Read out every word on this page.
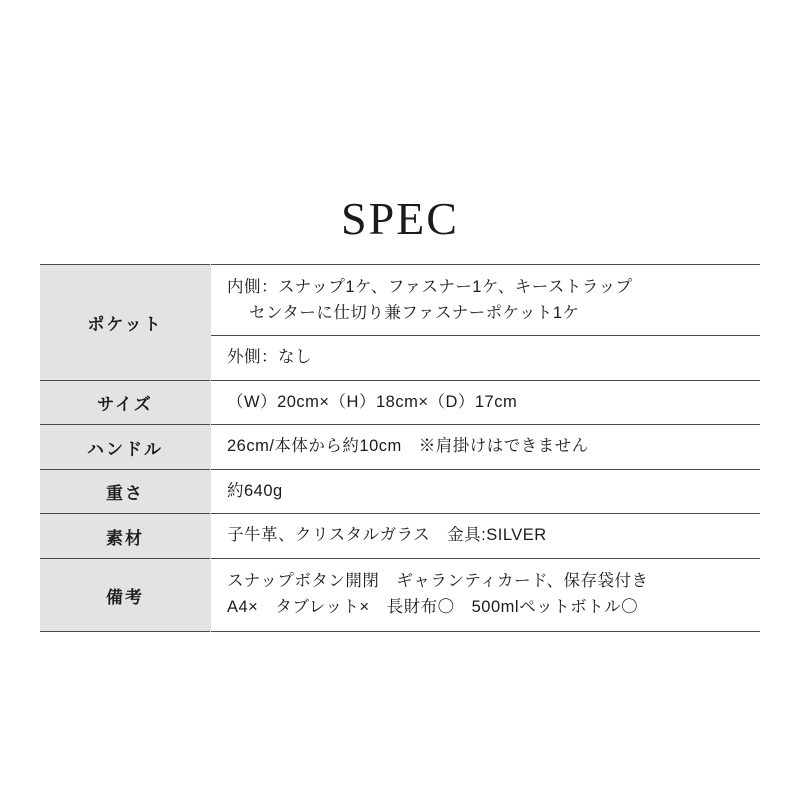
SPEC
ポケット	内側：スナップ1ケ、ファスナー1ケ、キーストラップ
センターに仕切り兼ファスナーポケット1ケ

	外側：なし

サイズ	（W）20cm×（H）18cm×（D）17cm

ハンドル	26cm/本体から約10cm　※肩掛けはできません

重さ	約640g

素材	子牛革、クリスタルガラス　金具:SILVER

備考	スナップボタン開閉　ギャランティカード、保存袋付き
A4×　タブレット×　長財布〇　500mlペットボトル〇
